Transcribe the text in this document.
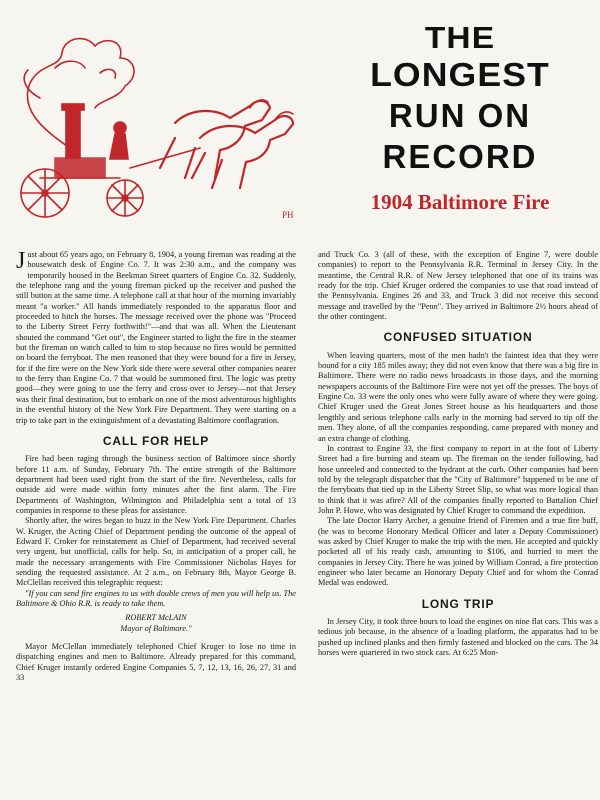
PH
THE
LONGEST
RUN ON
RECORD
1904 Baltimore Fire

Just about 65 years ago, on February 8, 1904, a young fireman was reading at the housewatch desk of Engine Co. 7. It was 2:30 a.m., and the company was temporarily housed in the Beekman Street quarters of Engine Co. 32. Suddenly, the telephone rang and the young fireman picked up the receiver and pushed the still button at the same time. A telephone call at that hour of the morning invariably meant "a worker." All hands immediately responded to the apparatus floor and proceeded to hitch the horses. The message received over the phone was "Proceed to the Liberty Street Ferry forthwith!"—and that was all. When the Lieutenant shouted the command "Get out", the Engineer started to light the fire in the steamer but the fireman on watch called to him to stop because no fires would be permitted on board the ferryboat. The men reasoned that they were bound for a fire in Jersey, for if the fire were on the New York side there were several other companies nearer to the ferry than Engine Co. 7 that would be summoned first. The logic was pretty good—they were going to use the ferry and cross over to Jersey—not that Jersey was their final destination, but to embark on one of the most adventurous highlights in the eventful history of the New York Fire Department. They were starting on a trip to take part in the extinguishment of a devastating Baltimore conflagration.

CALL FOR HELP

Fire had been raging through the business section of Baltimore since shortly before 11 a.m. of Sunday, February 7th. The entire strength of the Baltimore department had been used right from the start of the fire. Nevertheless, calls for outside aid were made within forty minutes after the first alarm. The Fire Departments of Washington, Wilmington and Philadelphia sent a total of 13 companies in response to these pleas for assistance.

Shortly after, the wires began to buzz in the New York Fire Department. Charles W. Kruger, the Acting Chief of Department pending the outcome of the appeal of Edward F. Croker for reinstatement as Chief of Department, had received several very urgent, but unofficial, calls for help. So, in anticipation of a proper call, he made the necessary arrangements with Fire Commissioner Nicholas Hayes for sending the requested assistance. At 2 a.m., on February 8th, Mayor George B. McClellan received this telegraphic request:

"If you can send fire engines to us with double crews of men you will help us. The Baltimore & Ohio R.R. is ready to take them.

ROBERT McLAIN
Mayor of Baltimore."

Mayor McClellan immediately telephoned Chief Kruger to lose no time in dispatching engines and men to Baltimore. Already prepared for this command, Chief Kruger instantly ordered Engine Companies 5, 7, 12, 13, 16, 26, 27, 31 and 33

and Truck Co. 3 (all of these, with the exception of Engine 7, were double companies) to report to the Pennsylvania R.R. Terminal in Jersey City. In the meantime, the Central R.R. of New Jersey telephoned that one of its trains was ready for the trip. Chief Kruger ordered the companies to use that road instead of the Pennsylvania. Engines 26 and 33, and Truck 3 did not receive this second message and travelled by the "Penn". They arrived in Baltimore 2½ hours ahead of the other contingent.

CONFUSED SITUATION

When leaving quarters, most of the men hadn't the faintest idea that they were bound for a city 185 miles away; they did not even know that there was a big fire in Baltimore. There were no radio news broadcasts in those days, and the morning newspapers accounts of the Baltimore Fire were not yet off the presses. The boys of Engine Co. 33 were the only ones who were fully aware of where they were going. Chief Kruger used the Great Jones Street house as his headquarters and those lengthly and serious telephone calls early in the morning had served to tip off the men. They alone, of all the companies responding, came prepared with money and an extra change of clothing.

In contrast to Engine 33, the first company to report in at the foot of Liberty Street had a fire burning and steam up. The fireman on the tender following, had hose unreeled and connected to the hydrant at the curb. Other companies had been told by the telegraph dispatcher that the "City of Baltimore" happened to be one of the ferryboats that tied up in the Liberty Street Slip, so what was more logical than to think that it was afire? All of the companies finally reported to Battalion Chief John P. Howe, who was designated by Chief Kruger to command the expedition.

The late Doctor Harry Archer, a genuine friend of Firemen and a true fire buff, (he was to become Honorary Medical Officer and later a Deputy Commissioner) was asked by Chief Kruger to make the trip with the men. He accepted and quickly pocketed all of his ready cash, amounting to $106, and hurried to meet the companies in Jersey City. There he was joined by William Conrad, a fire protection engineer who later became an Honorary Deputy Chief and for whom the Conrad Medal was endowed.

LONG TRIP

In Jersey City, it took three hours to load the engines on nine flat cars. This was a tedious job because, in the absence of a loading platform, the apparatus had to be pushed up inclined planks and then firmly fastened and blocked on the cars. The 34 horses were quartered in two stock cars. At 6:25 Mon-
